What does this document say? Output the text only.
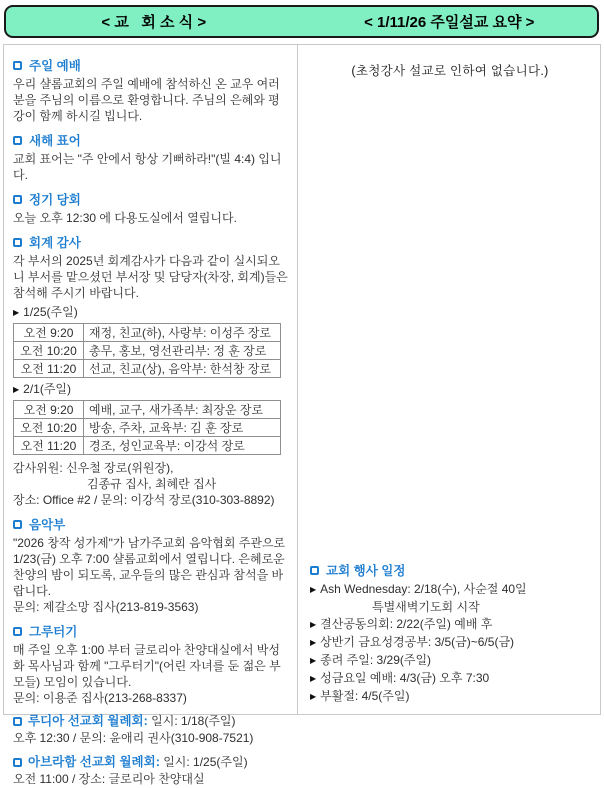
< 교   회 소 식 >	< 1/11/26 주일설교 요약 >
주일 예배
우리 샬롬교회의 주일 예배에 참석하신 온 교우 여러분을 주님의 이름으로 환영합니다. 주님의 은혜와 평강이 함께 하시길 빕니다.
새해 표어
교회 표어는 "주 안에서 항상 기뻐하라!"(빌 4:4) 입니다.
정기 당회
오늘 오후 12:30 에 다용도실에서 열립니다.
회계 감사
각 부서의 2025년 회계감사가 다음과 같이 실시되오니 부서를 맡으셨던 부서장 및 담당자(차장, 회계)들은 참석해 주시기 바랍니다.
▶ 1/25(주일)
오전 9:20	재정, 친교(하), 사랑부: 이성주 장로
오전 10:20	총무, 홍보, 영선관리부: 정 훈 장로
오전 11:20	선교, 친교(상), 음악부: 한석창 장로
▶ 2/1(주일)
오전 9:20	예배, 교구, 새가족부: 최장운 장로
오전 10:20	방송, 주차, 교육부: 김 훈 장로
오전 11:20	경조, 성인교육부: 이강석 장로
감사위원: 신우철 장로(위원장),
김종규 집사, 최혜란 집사
장소: Office #2 / 문의: 이강석 장로(310-303-8892)
음악부
"2026 창작 성가제"가 남가주교회 음악협회 주관으로 1/23(금) 오후 7:00 샬롬교회에서 열립니다. 은혜로운 찬양의 밤이 되도록, 교우들의 많은 관심과 참석을 바랍니다.
문의: 제갈소망 집사(213-819-3563)
그루터기
매 주일 오후 1:00 부터 글로리아 찬양대실에서 박성화 목사님과 함께 "그루터기"(어린 자녀를 둔 젊은 부모들) 모임이 있습니다.
문의: 이용준 집사(213-268-8337)
루디아 선교회 월례회: 일시: 1/18(주일)
오후 12:30 / 문의: 윤애리 권사(310-908-7521)
아브라함 선교회 월례회: 일시: 1/25(주일)
오전 11:00 / 장소: 글로리아 찬양대실
(초청강사 설교로 인하여 없습니다.)
교회 행사 일정
▶ Ash Wednesday: 2/18(수), 사순절 40일
특별새벽기도회 시작
▶ 결산공동의회: 2/22(주일) 예배 후
▶ 상반기 금요성경공부: 3/5(금)~6/5(금)
▶ 종려 주일: 3/29(주일)
▶ 성금요일 예배: 4/3(금) 오후 7:30
▶ 부활절: 4/5(주일)
